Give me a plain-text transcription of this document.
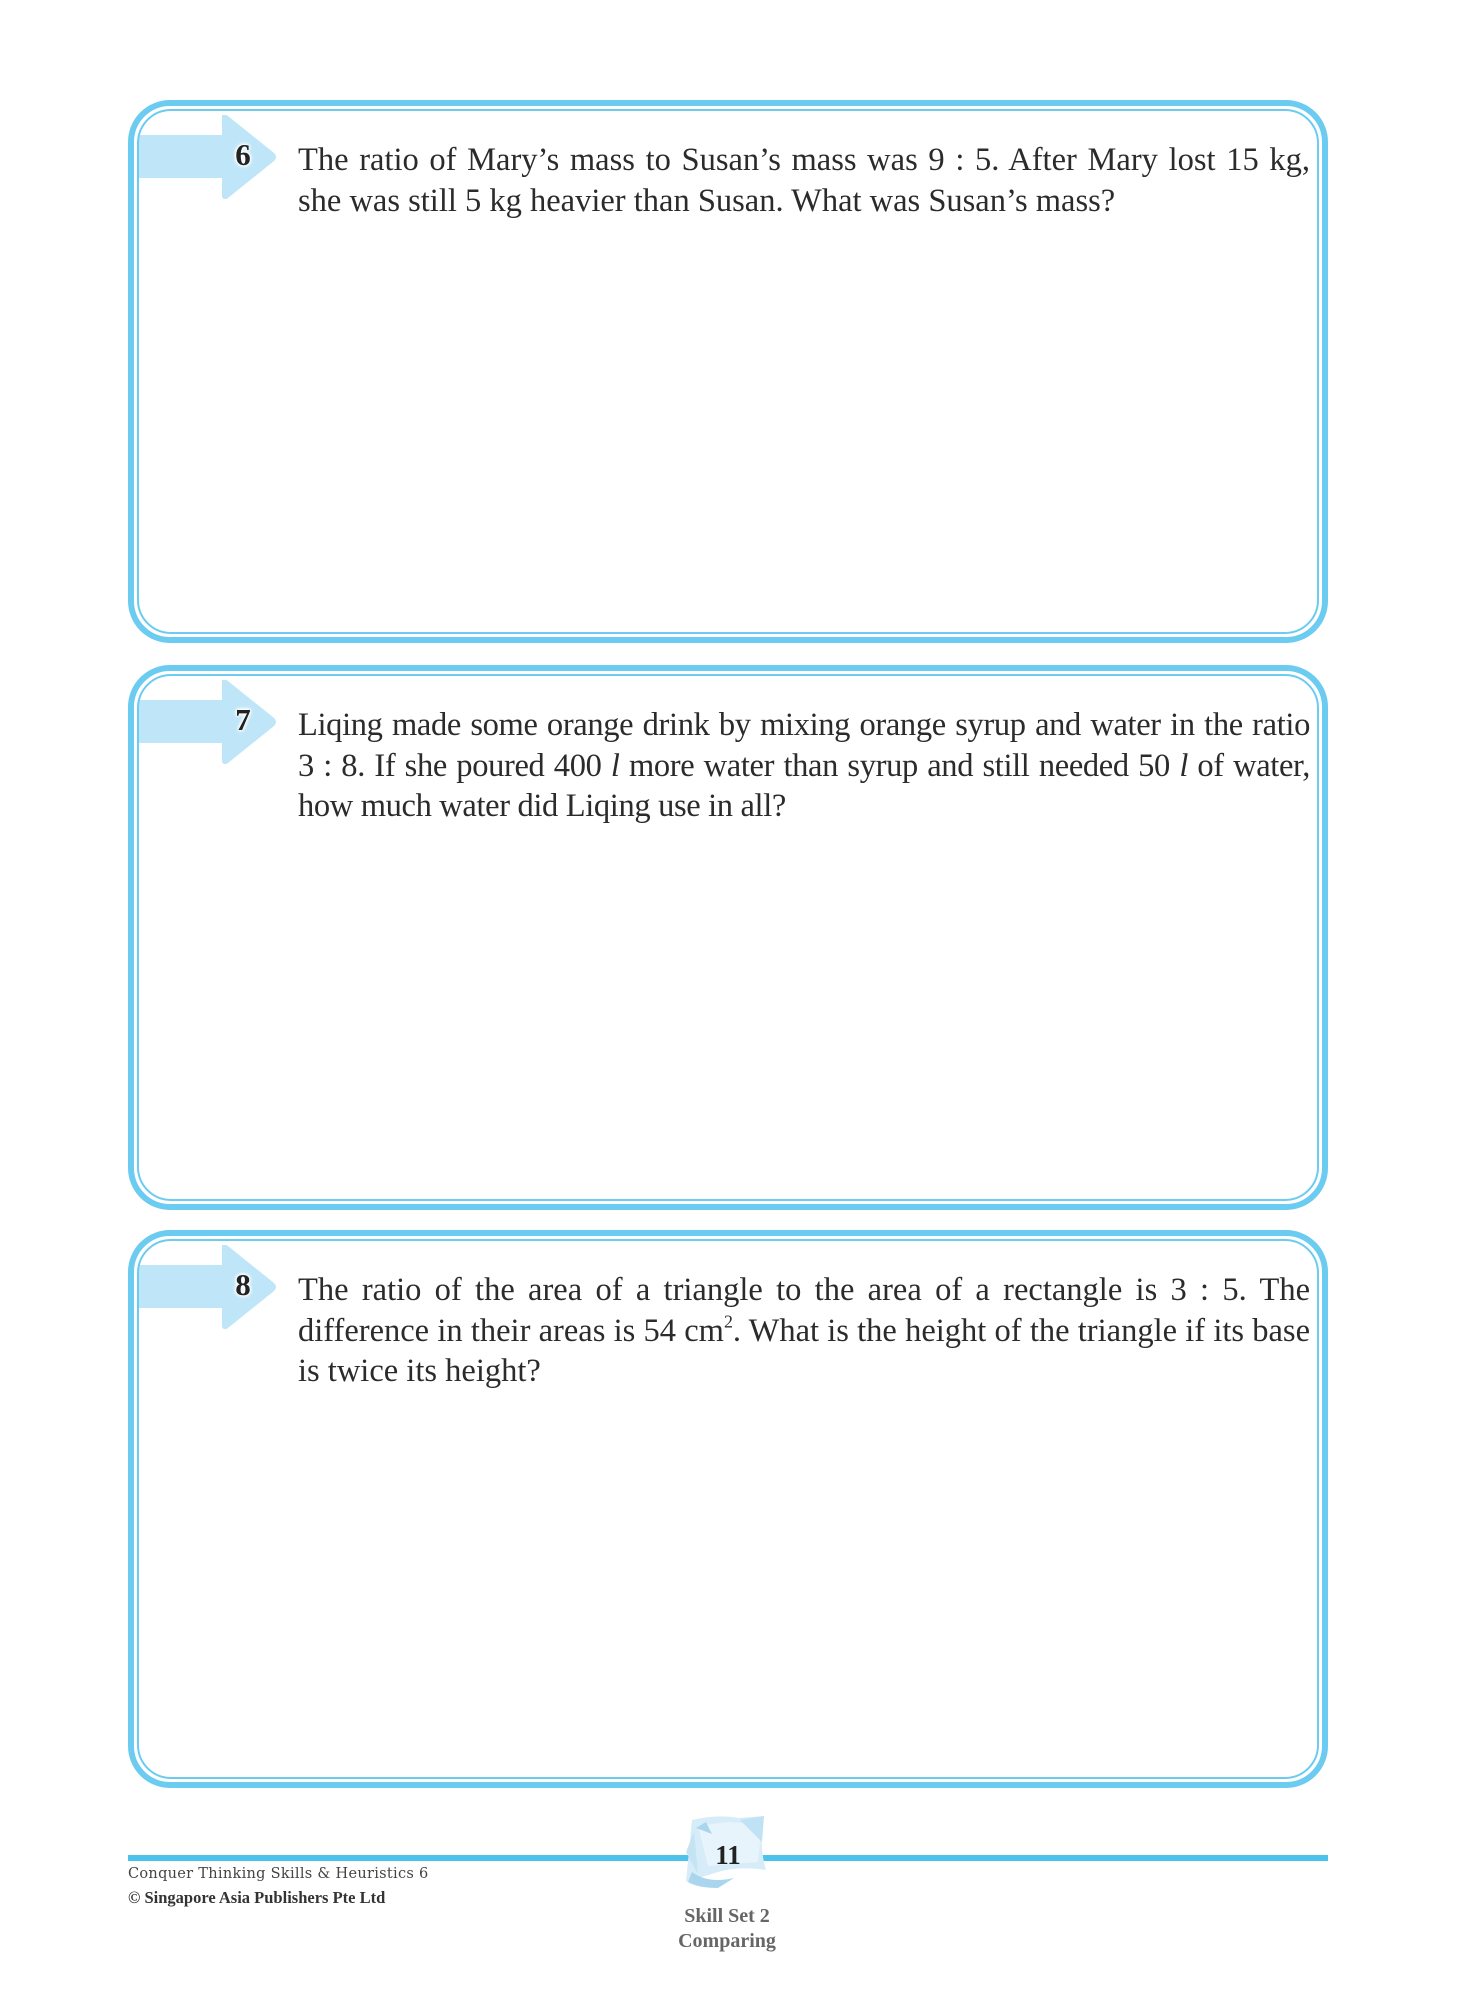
6 The ratio of Mary’s mass to Susan’s mass was 9 : 5. After Mary lost 15 kg,
she was still 5 kg heavier than Susan. What was Susan’s mass?
7 Liqing made some orange drink by mixing orange syrup and water in the ratio 3 : 8. If she poured 400 l more water than syrup and still needed 50 l of water, how much water did Liqing use in all?
8 The ratio of the area of a triangle to the area of a rectangle is 3 : 5. The difference in their areas is 54 $cm^2$. What is the height of the triangle if its base is twice its height?
Conquer Thinking Skills & Heuristics 6
© Singapore Asia Publishers Pte Ltd
11
Skill Set 2
Comparing
